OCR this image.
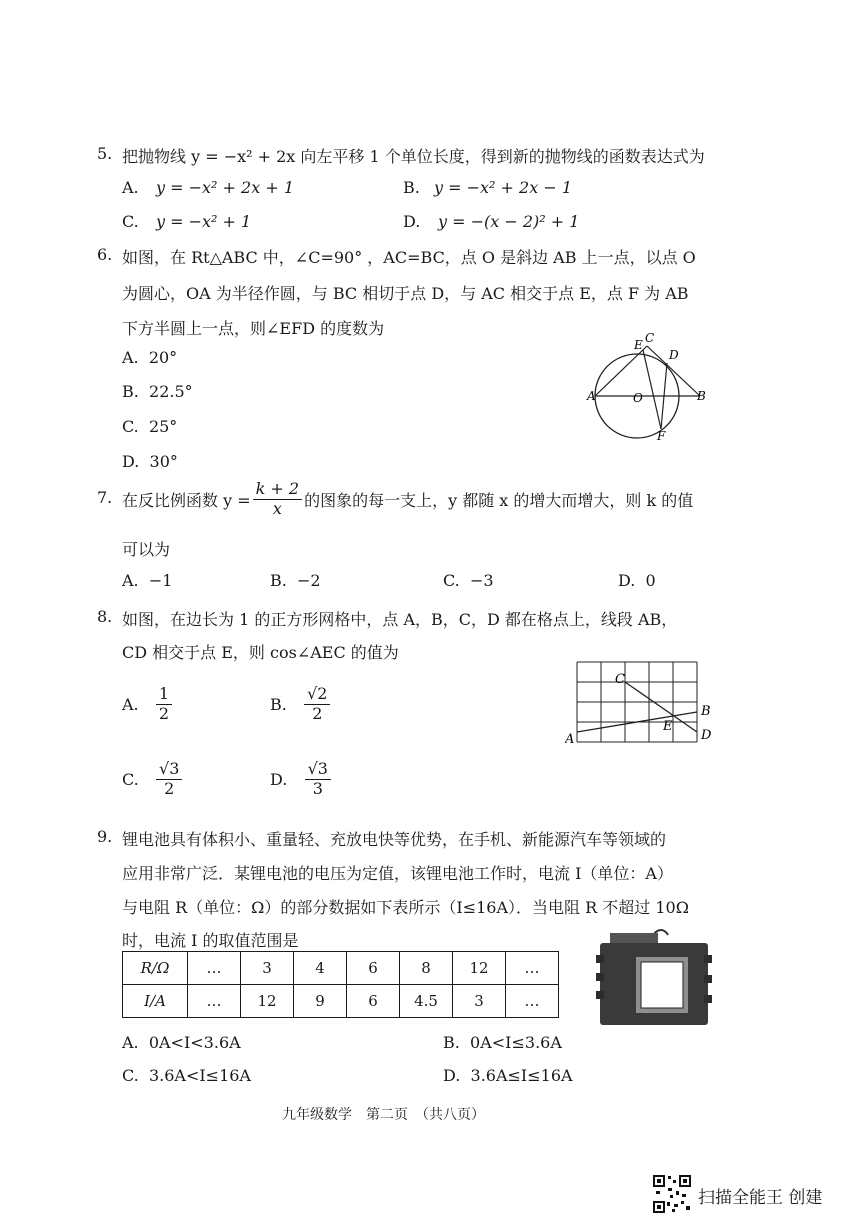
5. 把抛物线 y = −x² + 2x 向左平移 1 个单位长度，得到新的抛物线的函数表达式为
A. y = −x² + 2x + 1	B. y = −x² + 2x − 1
C. y = −x² + 1	D. y = −(x − 2)² + 1
6. 如图，在 Rt△ABC 中，∠C=90° ，AC=BC，点 O 是斜边 AB 上一点，以点 O
为圆心，OA 为半径作圆，与 BC 相切于点 D，与 AC 相交于点 E，点 F 为 AB
下方半圆上一点，则∠EFD 的度数为
A. 20°
B. 22.5°
C. 25°
D. 30°
C
E
D
A	O	B
F
7. 在反比例函数 $y = \frac{k + 2}{x}$ 的图象的每一支上，y 都随 x 的增大而增大，则 k 的值
可以为
A. −1	B. −2	C. −3	D. 0
8. 如图，在边长为 1 的正方形网格中，点 A，B，C，D 都在格点上，线段 AB，
CD 相交于点 E，则 cos∠AEC 的值为
A.
$\frac{1}{2}$	B.
$\frac{√2}{2}$
C.
$\frac{√3}{2}$	D.
$\frac{√3}{3}$
A
B
C
D
E
9. 锂电池具有体积小、重量轻、充放电快等优势，在手机、新能源汽车等领域的
应用非常广泛．某锂电池的电压为定值，该锂电池工作时，电流 I（单位：A）
与电阻 R（单位：Ω）的部分数据如下表所示（I≤16A）．当电阻 R 不超过 10Ω
时，电流 I 的取值范围是
R/Ω	…	3	4	6	8	12	…
I/A	…	12	9	6	4.5	3	…
A. 0A<I<3.6A	B. 0A<I≤3.6A
C. 3.6A<I≤16A	D. 3.6A≤I≤16A
九年级数学　第二页　（共八页）
扫描全能王 创建
